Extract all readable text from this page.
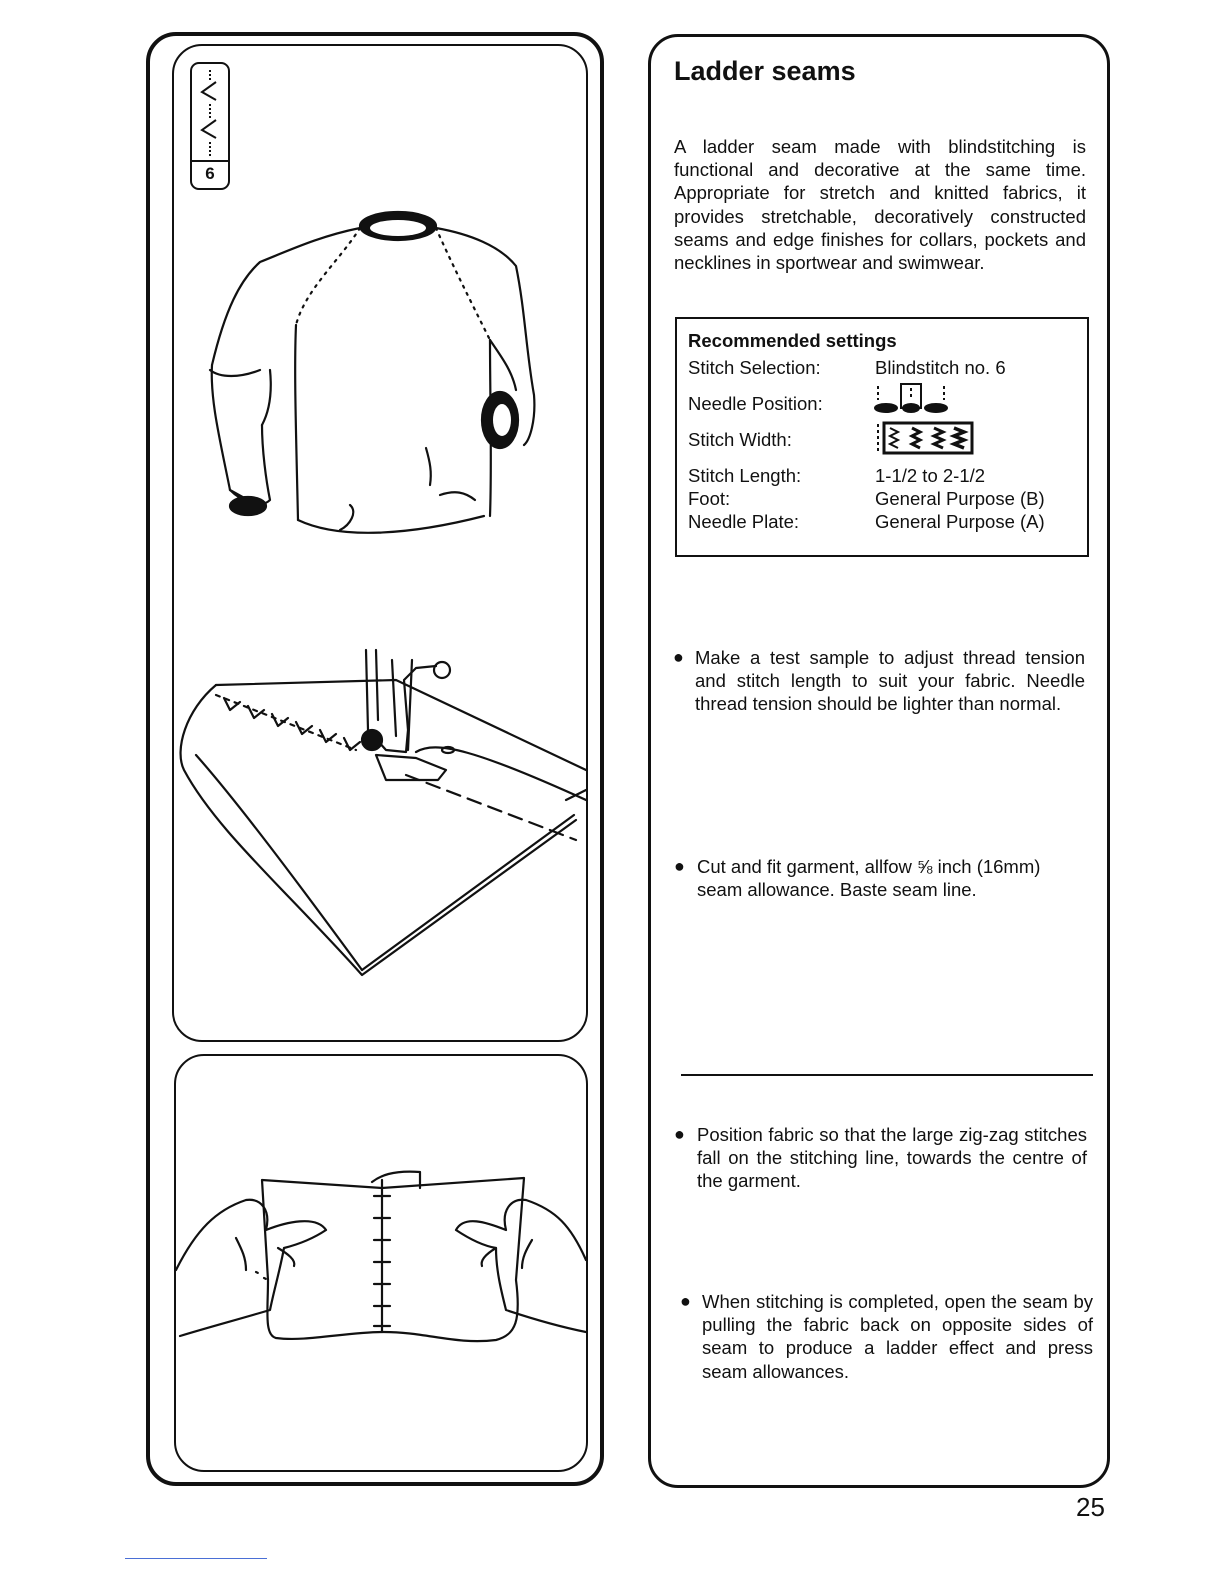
6
Ladder seams
A ladder seam made with blindstitching is functional and decorative at the same time. Appropriate for stretch and knitted fabrics, it provides stretchable, decoratively constructed seams and edge finishes for collars, pockets and necklines in sportwear and swimwear.
Recommended settings
Stitch Selection:	Blindstitch no. 6
Needle Position:
Stitch Width:
Stitch Length:	1-1/2 to 2-1/2
Foot:	General Purpose (B)
Needle Plate:	General Purpose (A)
● Make a test sample to adjust thread tension and stitch length to suit your fabric. Needle thread tension should be lighter than normal.
● Cut and fit garment, allfow ⅝ inch (16mm) seam allowance. Baste seam line.
● Position fabric so that the large zig-zag stitches fall on the stitching line, towards the centre of the garment.
● When stitching is completed, open the seam by pulling the fabric back on opposite sides of seam to produce a ladder effect and press seam allowances.
25
